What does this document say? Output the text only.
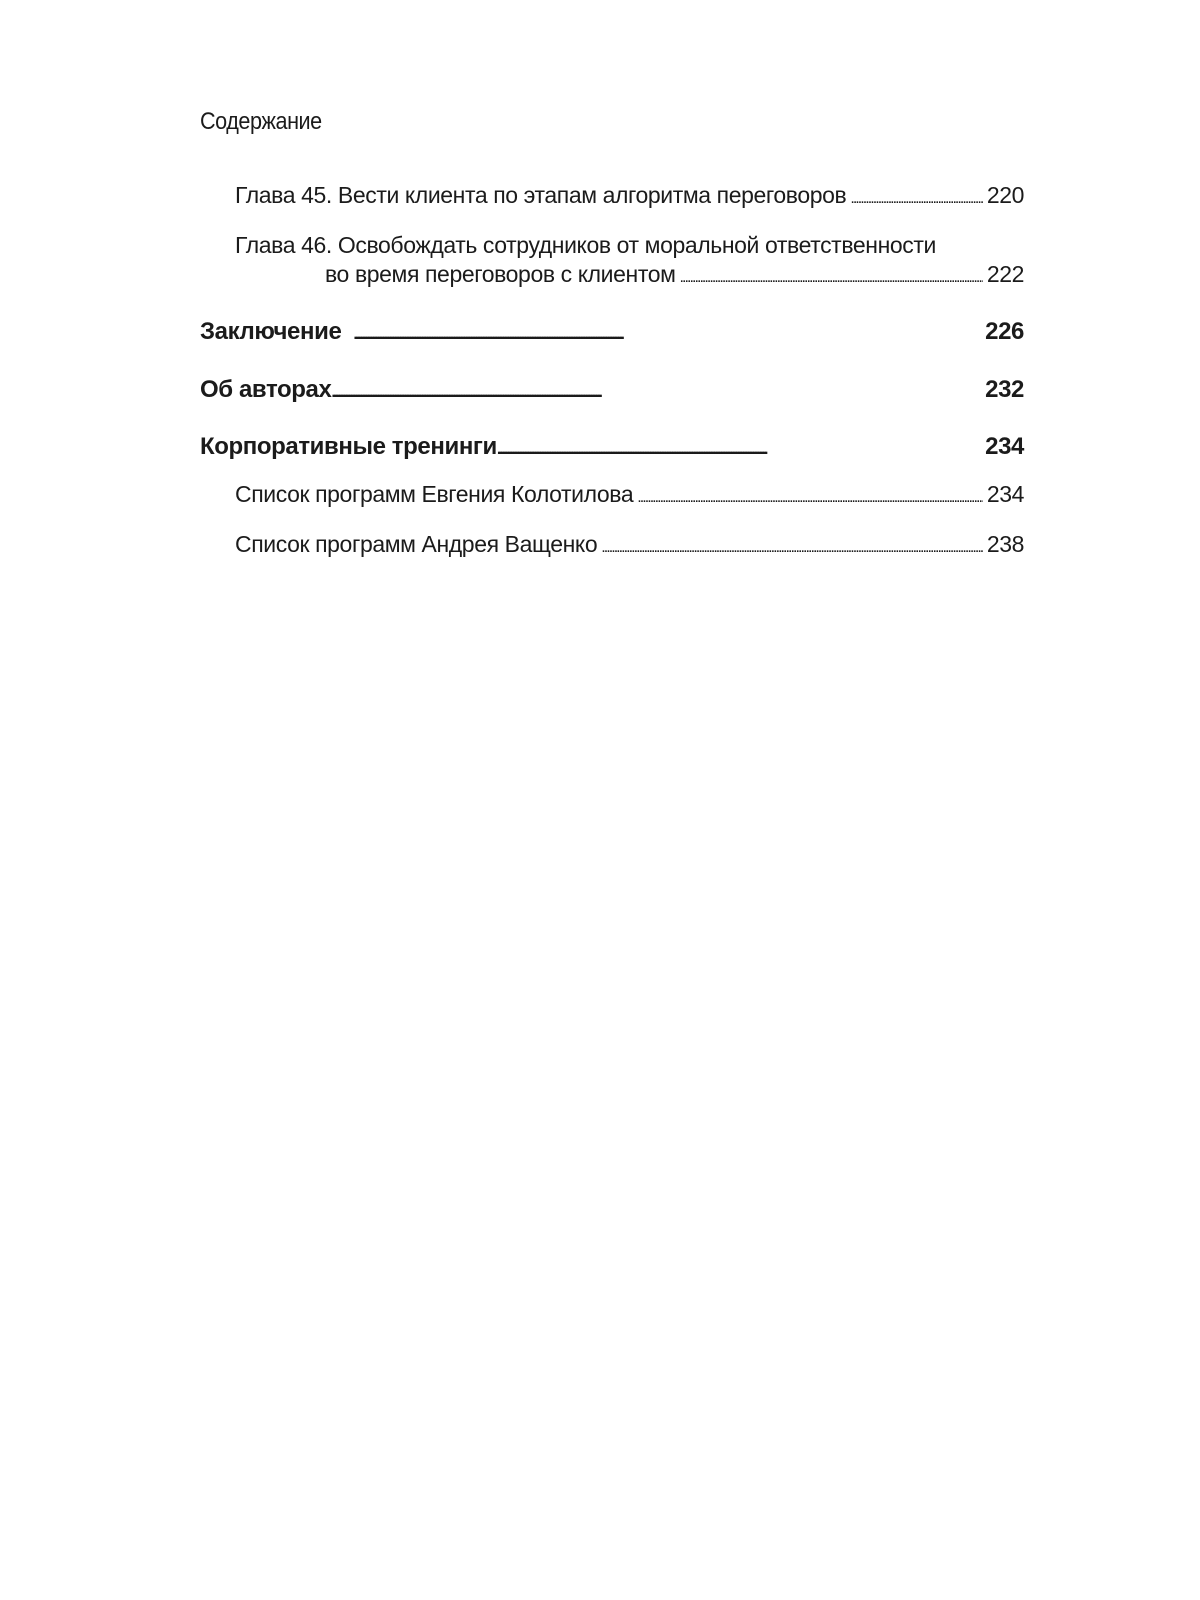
Содержание
Глава 45. Вести клиента по этапам алгоритма переговоров . . .	220
Глава 46. Освобождать сотрудников от моральной ответственности
во время переговоров с клиентом . . .	222
Заключение . . .	226
Об авторах . . .	232
Корпоративные тренинги . . .	234
Список программ Евгения Колотилова . . .	234
Список программ Андрея Ващенко . . .	238
